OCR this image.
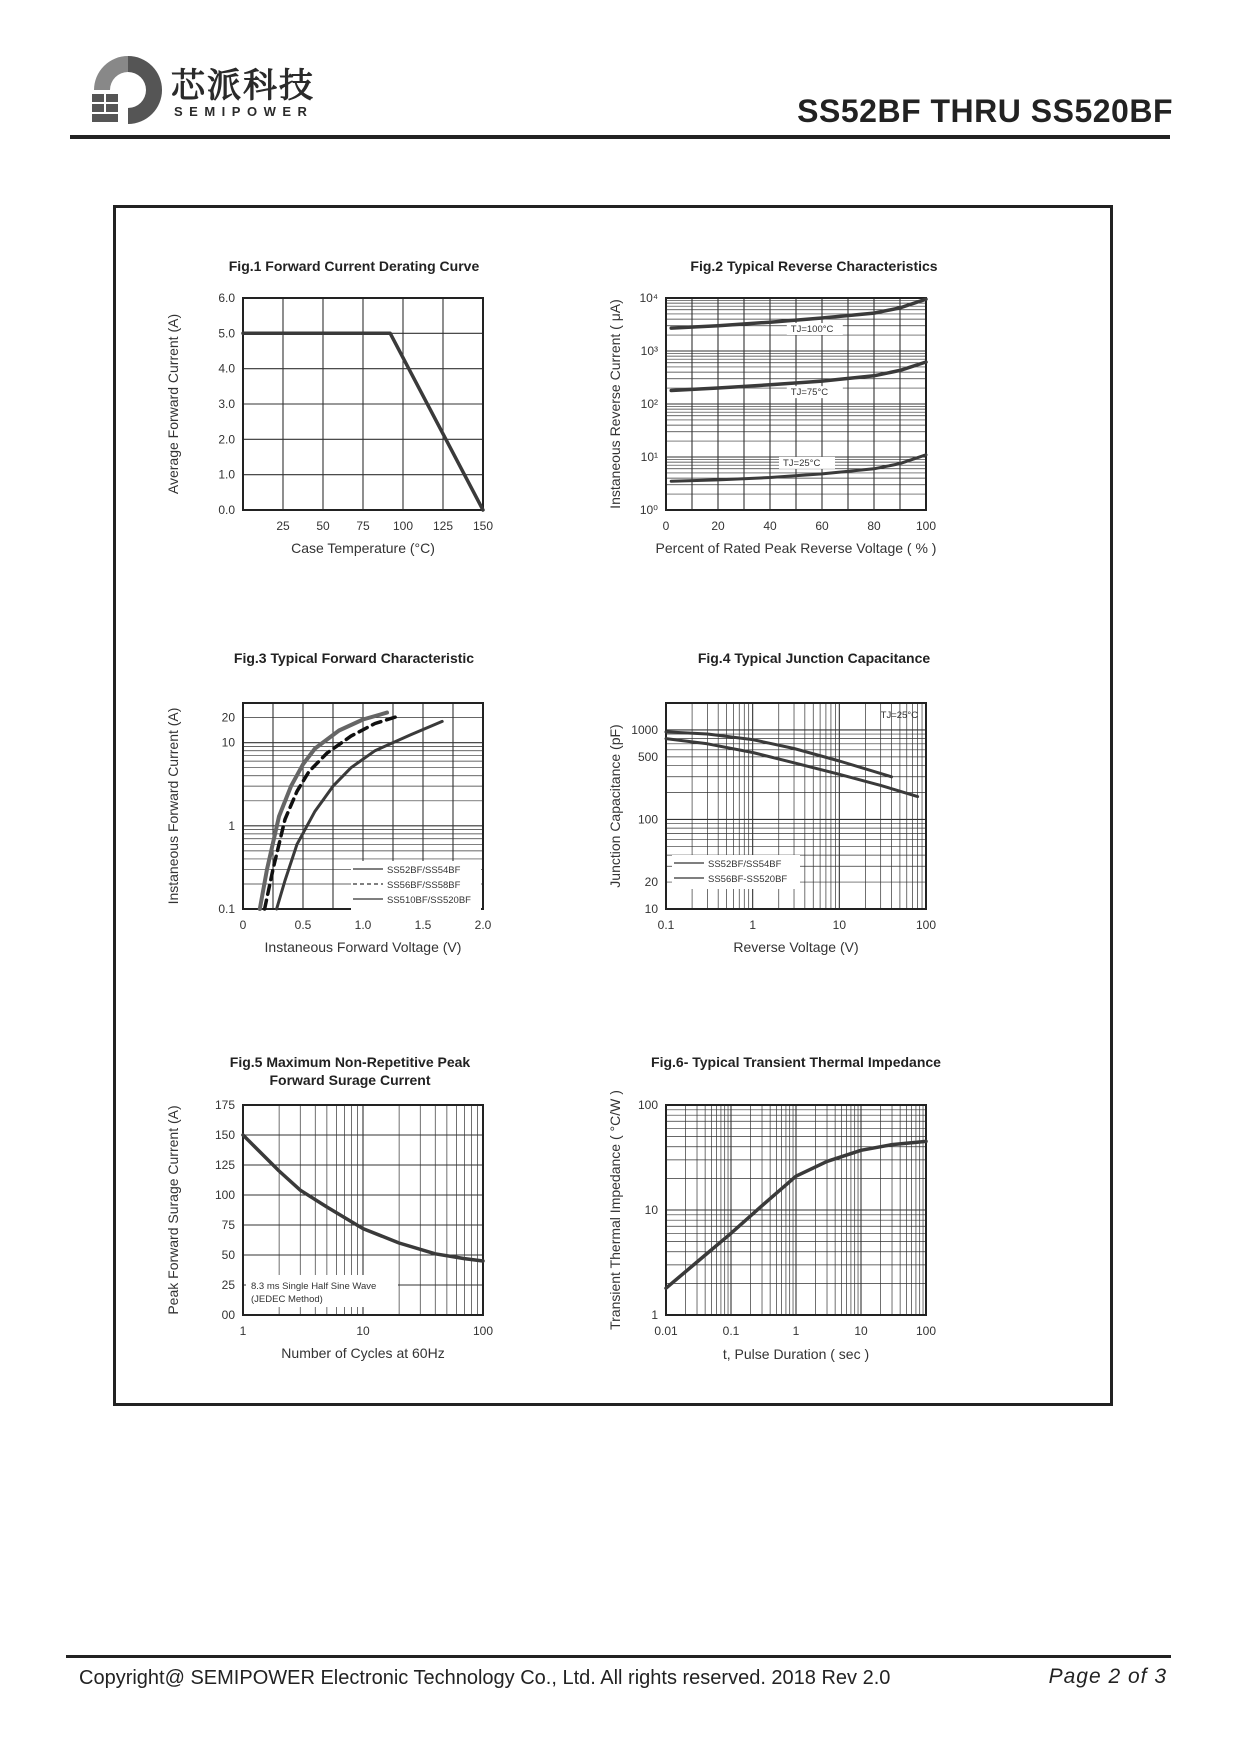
芯派科技
SEMIPOWER	SS52BF THRU SS520BF
Fig.1 Forward Current Derating Curve
25 50 75 100 125 150
0.0
1.0
2.0
3.0
4.0
5.0
6.0
Case Temperature (°C)
Average Forward Current (A)
Fig.2 Typical Reverse Characteristics
0	20	40	60	80	100
10⁰
10¹
10²
10³
10⁴
Percent of Rated Peak Reverse Voltage ( % )
Instaneous Reverse Current ( μA)	TJ=100°C
TJ=75°C
TJ=25°C
Fig.3 Typical Forward Characteristic
0	0.5	1.0	1.5	2.0
0.1
1
10
20
Instaneous Forward Voltage (V)
Instaneous Forward Current (A)	SS52BF/SS54BF
SS56BF/SS58BF
SS510BF/SS520BF
Fig.4 Typical Junction Capacitance
0.1	1	10	100
10
20
100
500
1000
Reverse Voltage (V)
Junction Capacitance (pF)	SS52BF/SS54BF
SS56BF-SS520BF
TJ=25°C
Fig.5 Maximum Non-Repetitive Peak
Forward Surage Current
1	10	100
00
25
50
75
100
125
150
175
Number of Cycles at 60Hz
Peak Forward Surage Current (A)	8.3 ms Single Half Sine Wave
(JEDEC Method)
Fig.6- Typical Transient Thermal Impedance
0.01	0.1	1	10	100
1
10
100
t, Pulse Duration ( sec )
Transient Thermal Impedance ( °C/W )
Copyright@ SEMIPOWER Electronic Technology Co., Ltd. All rights reserved. 2018 Rev 2.0	Page 2 of 3
